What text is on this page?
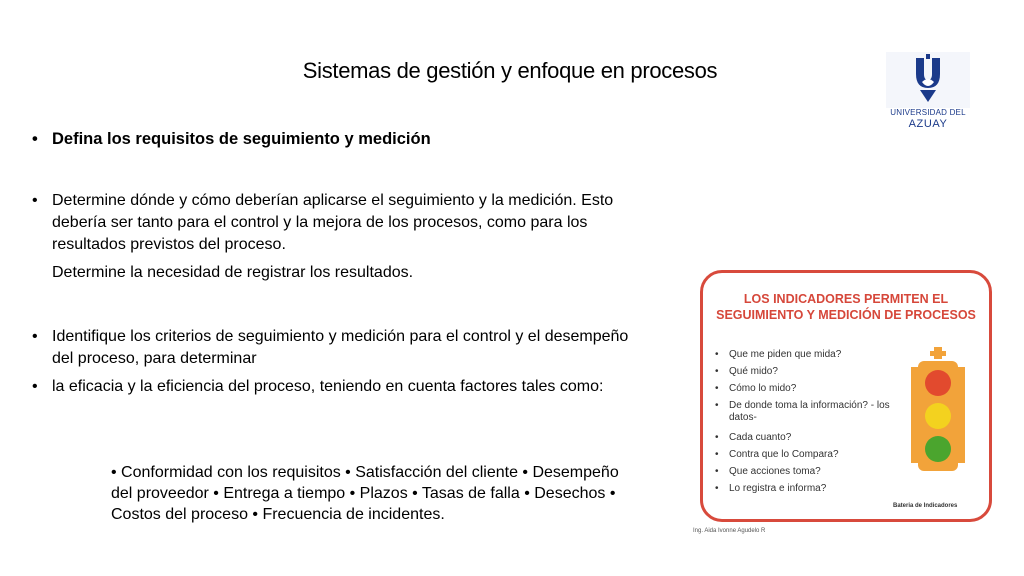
Sistemas de gestión y enfoque en procesos
UNIVERSIDAD DEL
AZUAY
• Defina los requisitos de seguimiento y medición
• Determine dónde y cómo deberían aplicarse el seguimiento y la medición. Esto debería ser tanto para el control y la mejora de los procesos, como para los resultados previstos del proceso.
Determine la necesidad de registrar los resultados.
• Identifique los criterios de seguimiento y medición para el control y el desempeño del proceso, para determinar
• la eficacia y la eficiencia del proceso, teniendo en cuenta factores tales como:
• Conformidad con los requisitos • Satisfacción del cliente • Desempeño del proveedor • Entrega a tiempo • Plazos • Tasas de falla • Desechos • Costos del proceso • Frecuencia de incidentes.
LOS INDICADORES PERMITEN EL
SEGUIMIENTO Y MEDICIÓN DE PROCESOS
• Que me piden que mida?
• Qué mido?
• Cómo lo mido?
• De donde toma la información? - los datos-
• Cada cuanto?
• Contra que lo Compara?
• Que acciones toma?
• Lo registra e informa?
Bateria de Indicadores
Ing. Aida Ivonne Agudelo R
